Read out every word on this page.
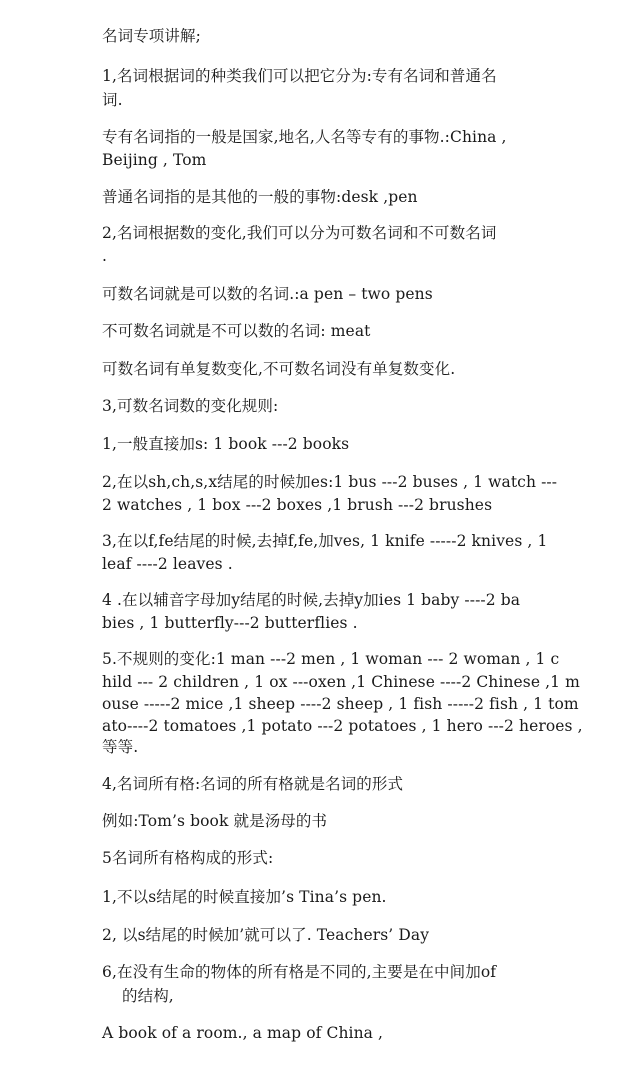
名词专项讲解;
1,名词根据词的种类我们可以把它分为:专有名词和普通名
词.
专有名词指的一般是国家,地名,人名等专有的事物.:China ,
Beijing , Tom
普通名词指的是其他的一般的事物:desk ,pen
2,名词根据数的变化,我们可以分为可数名词和不可数名词
.
可数名词就是可以数的名词.:a pen – two pens
不可数名词就是不可以数的名词: meat
可数名词有单复数变化,不可数名词没有单复数变化.
3,可数名词数的变化规则:
1,一般直接加s: 1 book ---2 books
2,在以sh,ch,s,x结尾的时候加es:1 bus ---2 buses , 1 watch ---
2 watches , 1 box ---2 boxes ,1 brush ---2 brushes
3,在以f,fe结尾的时候,去掉f,fe,加ves, 1 knife -----2 knives , 1
leaf ----2 leaves .
4 .在以辅音字母加y结尾的时候,去掉y加ies 1 baby ----2 ba
bies , 1 butterfly---2 butterflies .
5.不规则的变化:1 man ---2 men , 1 woman --- 2 woman , 1 c
hild --- 2 children , 1 ox ---oxen ,1 Chinese ----2 Chinese ,1 m
ouse -----2 mice ,1 sheep ----2 sheep , 1 fish -----2 fish , 1 tom
ato----2 tomatoes ,1 potato ---2 potatoes , 1 hero ---2 heroes ,
等等.
4,名词所有格:名词的所有格就是名词的形式
例如:Tom’s book 就是汤母的书
5名词所有格构成的形式:
1,不以s结尾的时候直接加’s Tina’s pen.
2, 以s结尾的时候加’就可以了. Teachers’ Day
6,在没有生命的物体的所有格是不同的,主要是在中间加of
的结构,
A book of a room., a map of China ,
